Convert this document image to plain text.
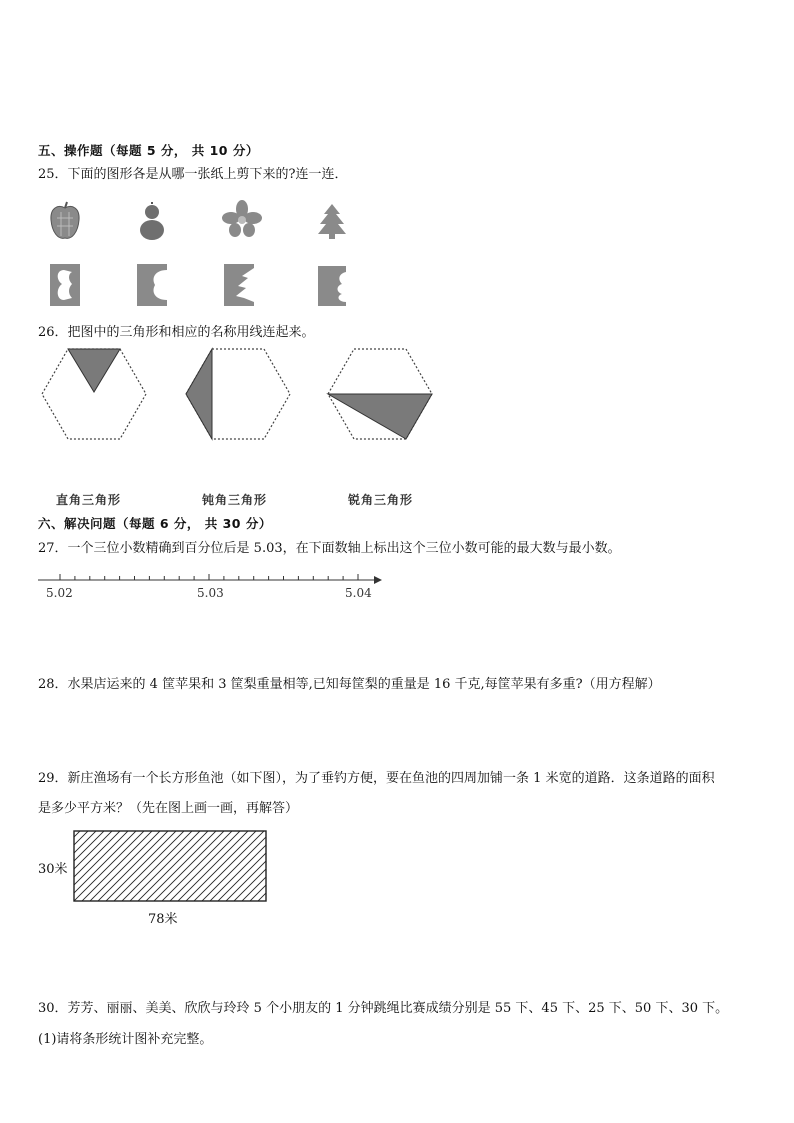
五、操作题（每题 5 分， 共 10 分）
25．下面的图形各是从哪一张纸上剪下来的?连一连．
26．把图中的三角形和相应的名称用线连起来。
直角三角形	钝角三角形	锐角三角形
六、解决问题（每题 6 分， 共 30 分）
27．一个三位小数精确到百分位后是 5.03，在下面数轴上标出这个三位小数可能的最大数与最小数。
5.02	5.03	5.04
28．水果店运来的 4 筐苹果和 3 筐梨重量相等,已知每筐梨的重量是 16 千克,每筐苹果有多重?（用方程解）
29．新庄渔场有一个长方形鱼池（如下图），为了垂钓方便，要在鱼池的四周加铺一条 1 米宽的道路．这条道路的面积
是多少平方米？（先在图上画一画，再解答）
30米
78米
30．芳芳、丽丽、美美、欣欣与玲玲 5 个小朋友的 1 分钟跳绳比赛成绩分别是 55 下、45 下、25 下、50 下、30 下。
(1)请将条形统计图补充完整。
